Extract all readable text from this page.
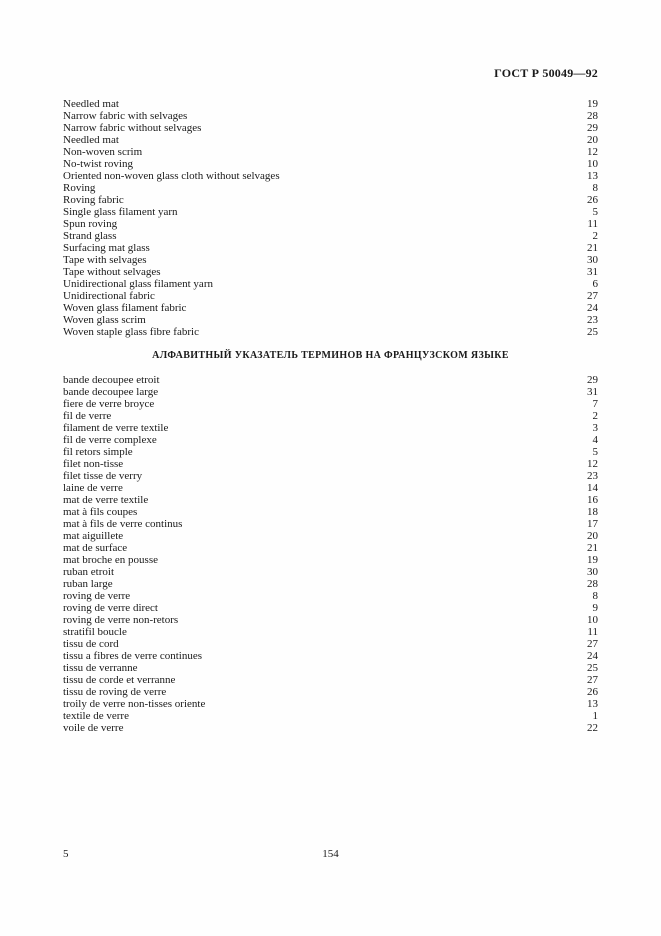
ГОСТ Р 50049—92
Needled mat	19
Narrow fabric with selvages	28
Narrow fabric without selvages	29
Needled mat	20
Non-woven scrim	12
No-twist roving	10
Oriented non-woven glass cloth without selvages	13
Roving	8
Roving fabric	26
Single glass filament yarn	5
Spun roving	11
Strand glass	2
Surfacing mat glass	21
Tape with selvages	30
Tape without selvages	31
Unidirectional glass filament yarn	6
Unidirectional fabric	27
Woven glass filament fabric	24
Woven glass scrim	23
Woven staple glass fibre fabric	25
АЛФАВИТНЫЙ УКАЗАТЕЛЬ ТЕРМИНОВ НА ФРАНЦУЗСКОМ ЯЗЫКЕ
bande decoupee etroit	29
bande decoupee large	31
fiere de verre broyce	7
fil de verre	2
filament de verre textile	3
fil de verre complexe	4
fil retors simple	5
filet non-tisse	12
filet tisse de verry	23
laine de verre	14
mat de verre textile	16
mat à fils coupes	18
mat à fils de verre continus	17
mat aiguillete	20
mat de surface	21
mat broche en pousse	19
ruban etroit	30
ruban large	28
roving de verre	8
roving de verre direct	9
roving de verre non-retors	10
stratifil boucle	11
tissu de cord	27
tissu a fibres de verre continues	24
tissu de verranne	25
tissu de corde et verranne	27
tissu de roving de verre	26
troily de verre non-tisses oriente	13
textile de verre	1
voile de verre	22
5	154
